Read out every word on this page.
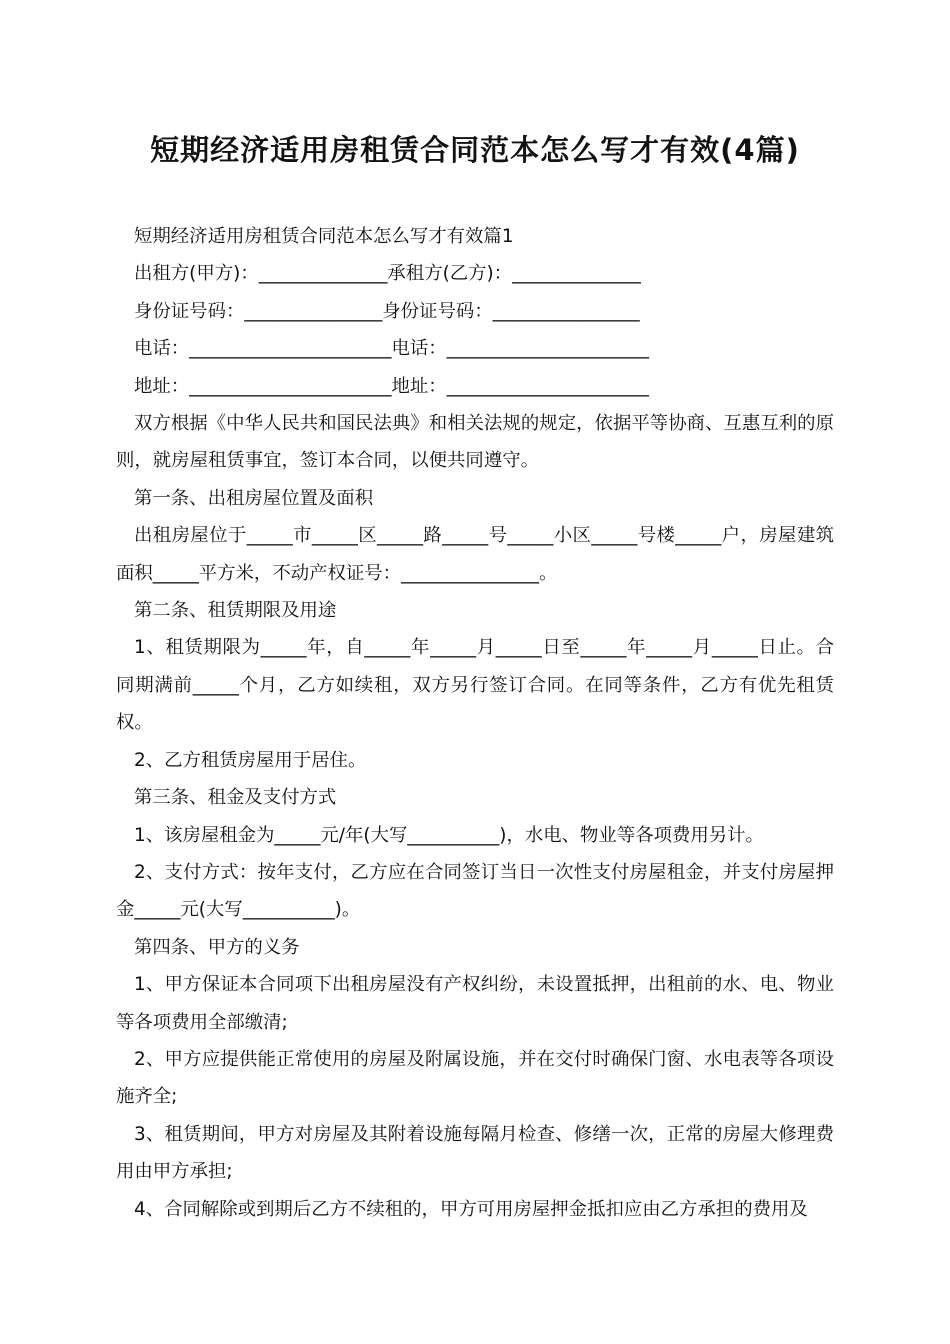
短期经济适用房租赁合同范本怎么写才有效(4篇)

短期经济适用房租赁合同范本怎么写才有效篇1

出租方(甲方)：______________承租方(乙方)：______________

身份证号码：_______________身份证号码：________________

电话：______________________电话：______________________

地址：______________________地址：______________________

双方根据《中华人民共和国民法典》和相关法规的规定，依据平等协商、互惠互利的原则，就房屋租赁事宜，签订本合同，以便共同遵守。

第一条、出租房屋位置及面积

出租房屋位于_____市_____区_____路_____号_____小区_____号楼_____户，房屋建筑面积_____平方米，不动产权证号：_______________。

第二条、租赁期限及用途

1、租赁期限为_____年，自_____年_____月_____日至_____年_____月_____日止。合同期满前_____个月，乙方如续租，双方另行签订合同。在同等条件，乙方有优先租赁权。

2、乙方租赁房屋用于居住。

第三条、租金及支付方式

1、该房屋租金为_____元/年(大写__________)，水电、物业等各项费用另计。

2、支付方式：按年支付，乙方应在合同签订当日一次性支付房屋租金，并支付房屋押金_____元(大写__________)。

第四条、甲方的义务

1、甲方保证本合同项下出租房屋没有产权纠纷，未设置抵押，出租前的水、电、物业等各项费用全部缴清;

2、甲方应提供能正常使用的房屋及附属设施，并在交付时确保门窗、水电表等各项设施齐全;

3、租赁期间，甲方对房屋及其附着设施每隔月检查、修缮一次，正常的房屋大修理费用由甲方承担;

4、合同解除或到期后乙方不续租的，甲方可用房屋押金抵扣应由乙方承担的费用及
